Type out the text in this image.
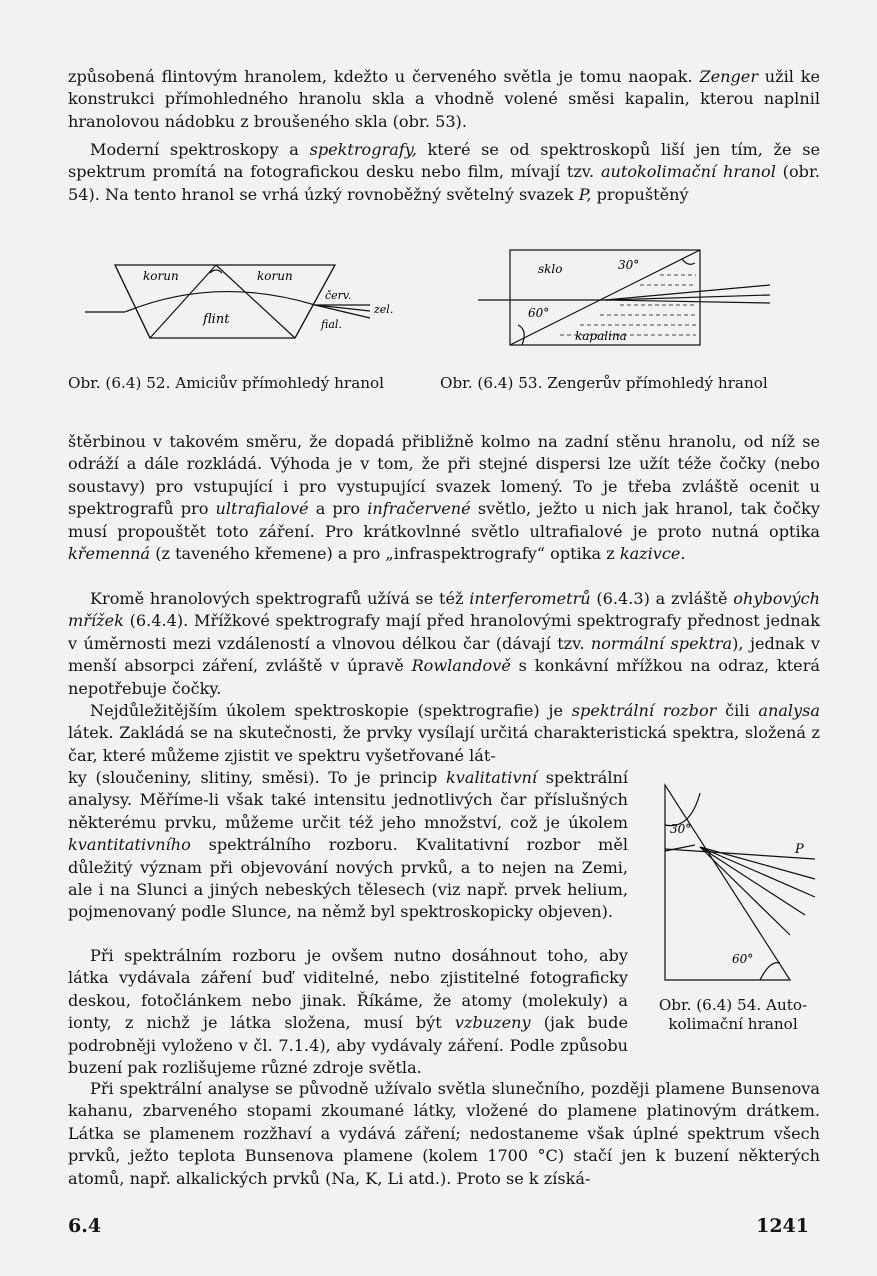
způsobená flintovým hranolem, kdežto u červeného světla je tomu naopak. Zenger užil ke konstrukci přímohledného hranolu skla a vhodně volené směsi kapalin, kterou naplnil hranolovou nádobku z broušeného skla (obr. 53).

Moderní spektroskopy a spektrografy, které se od spektroskopů liší jen tím, že se spektrum promítá na fotografickou desku nebo film, mívají tzv. autokolimační hranol (obr. 54). Na tento hranol se vrhá úzký rovnoběžný světelný svazek P, propuštěný

korun	korun
flint
červ.
zel.
fial.

Obr. (6.4) 52. Amiciův přímohledý hranol

sklo	30°
60°
kapalina

Obr. (6.4) 53. Zengerův přímohledý hranol

štěrbinou v takovém směru, že dopadá přibližně kolmo na zadní stěnu hranolu, od níž se odráží a dále rozkládá. Výhoda je v tom, že při stejné dispersi lze užít téže čočky (nebo soustavy) pro vstupující i pro vystupující svazek lomený. To je třeba zvláště ocenit u spektrografů pro ultrafialové a pro infračervené světlo, ježto u nich jak hranol, tak čočky musí propouštět toto záření. Pro krátkovlnné světlo ultrafialové je proto nutná optika křemenná (z taveného křemene) a pro „infraspektrografy“ optika z kazivce.

Kromě hranolových spektrografů užívá se též interferometrů (6.4.3) a zvláště ohybových mřížek (6.4.4). Mřížkové spektrografy mají před hranolovými spektrografy přednost jednak v úměrnosti mezi vzdáleností a vlnovou délkou čar (dávají tzv. normální spektra), jednak v menší absorpci záření, zvláště v úpravě Rowlandově s konkávní mřížkou na odraz, která nepotřebuje čočky.

Nejdůležitějším úkolem spektroskopie (spektrografie) je spektrální rozbor čili analysa látek. Zakládá se na skutečnosti, že prvky vysílají určitá charakteristická spektra, složená z čar, které můžeme zjistit ve spektru vyšetřované lát-

ky (sloučeniny, slitiny, směsi). To je princip kvalitativní spektrální analysy. Měříme-li však také intensitu jednotlivých čar příslušných některému prvku, můžeme určit též jeho množství, což je úkolem kvantitativního spektrálního rozboru. Kvalitativní rozbor měl důležitý význam při objevování nových prvků, a to nejen na Zemi, ale i na Slunci a jiných nebeských tělesech (viz např. prvek helium, pojmenovaný podle Slunce, na němž byl spektroskopicky objeven).

Při spektrálním rozboru je ovšem nutno dosáhnout toho, aby látka vydávala záření buď viditelné, nebo zjistitelné fotograficky deskou, fotočlánkem nebo jinak. Říkáme, že atomy (molekuly) a ionty, z nichž je látka složena, musí být vzbuzeny (jak bude podrobněji vyloženo v čl. 7.1.4), aby vydávaly záření. Podle způsobu buzení pak rozlišujeme různé zdroje světla.

30°
60°
P

Obr. (6.4) 54. Auto-
kolimační hranol

Při spektrální analyse se původně užívalo světla slunečního, později plamene Bunsenova kahanu, zbarveného stopami zkoumané látky, vložené do plamene platinovým drátkem. Látka se plamenem rozžhaví a vydává záření; nedostaneme však úplné spektrum všech prvků, ježto teplota Bunsenova plamene (kolem 1700 °C) stačí jen k buzení některých atomů, např. alkalických prvků (Na, K, Li atd.). Proto se k získá-

6.4	1241
